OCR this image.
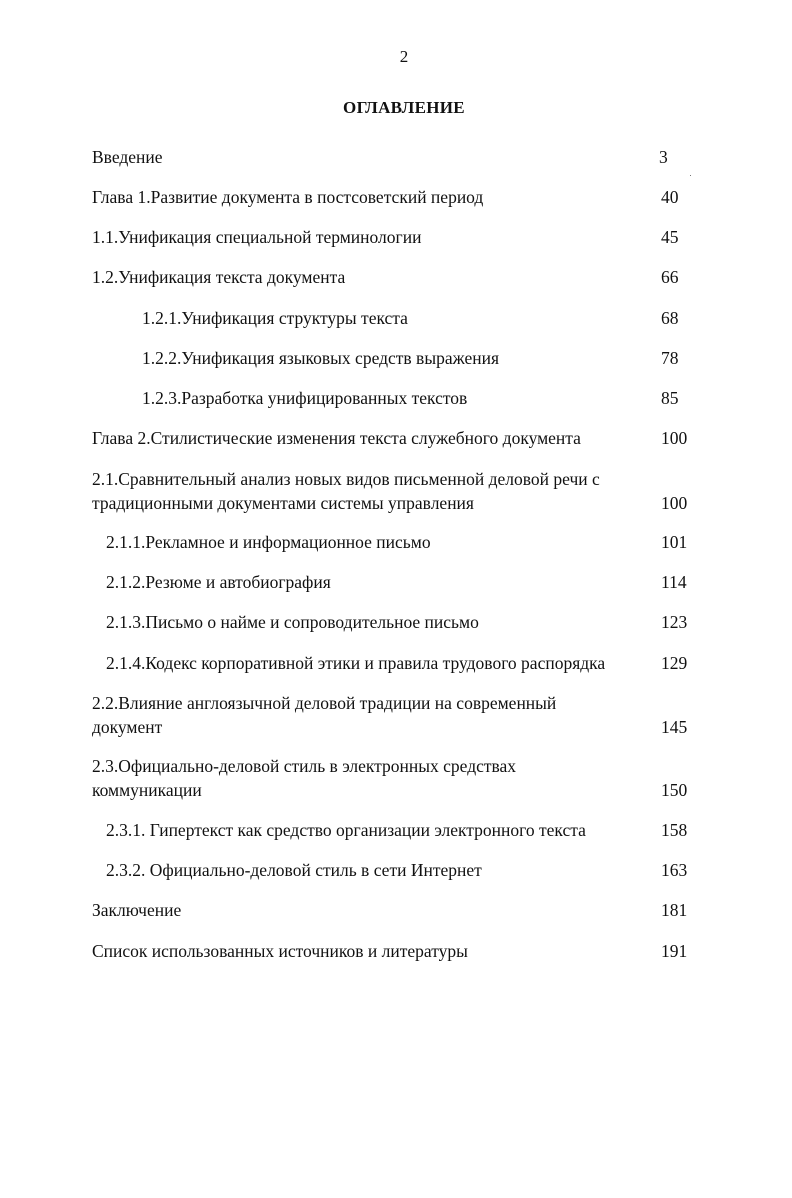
2
ОГЛАВЛЕНИЕ
Введение	3
Глава 1.Развитие документа в постсоветский период	40
1.1.Унификация специальной терминологии	45
1.2.Унификация текста документа	66
1.2.1.Унификация структуры текста	68
1.2.2.Унификация языковых средств выражения	78
1.2.3.Разработка унифицированных текстов	85
Глава 2.Стилистические изменения текста служебного документа	100
2.1.Сравнительный анализ новых видов письменной деловой речи с традиционными документами системы управления	100
2.1.1.Рекламное и информационное письмо	101
2.1.2.Резюме и автобиография	114
2.1.3.Письмо о найме и сопроводительное письмо	123
2.1.4.Кодекс корпоративной этики и правила трудового распорядка	129
2.2.Влияние англоязычной деловой традиции на современный документ	145
2.3.Официально-деловой стиль в электронных средствах коммуникации	150
2.3.1. Гипертекст как средство организации электронного текста	158
2.3.2. Официально-деловой стиль в сети Интернет	163
Заключение	181
Список использованных источников и литературы	191
